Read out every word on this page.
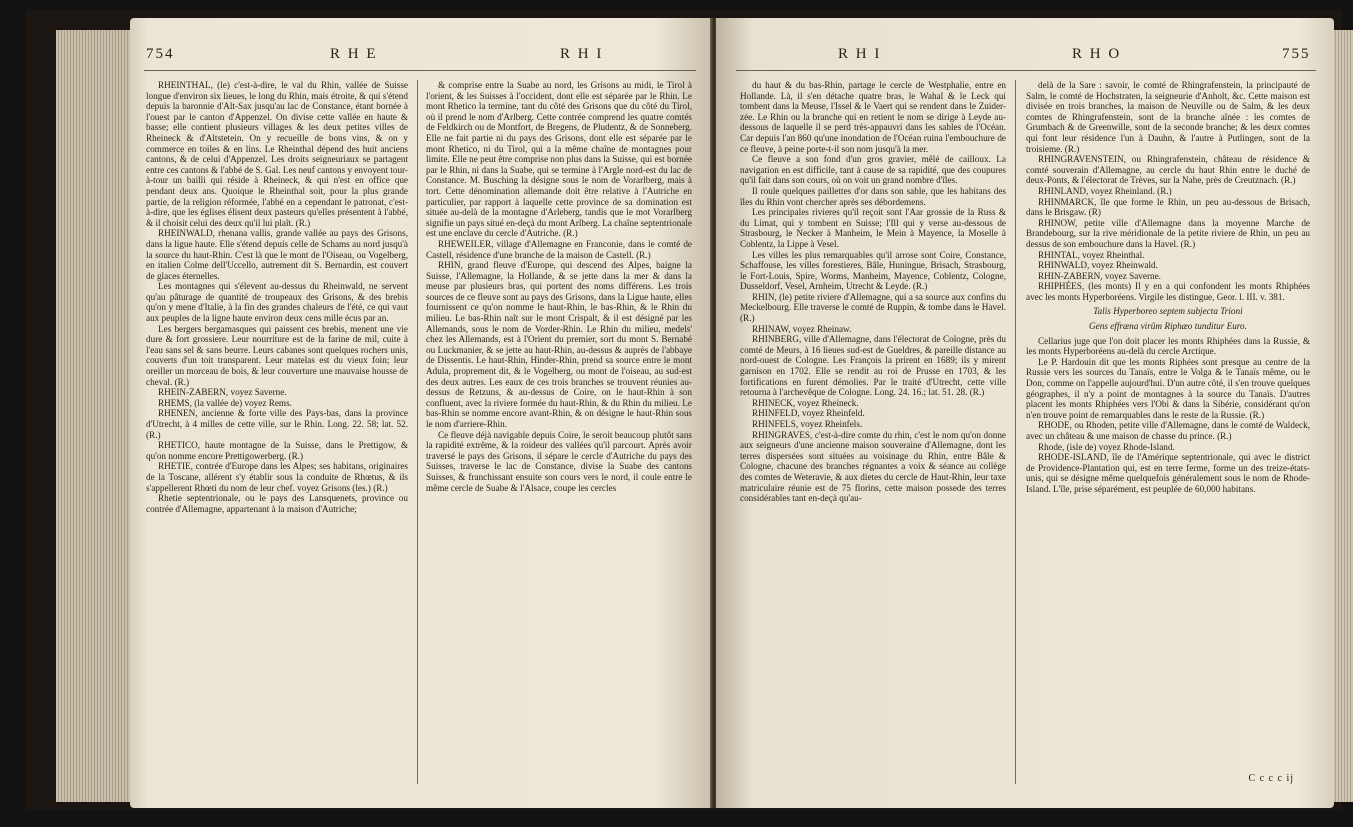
754	R H E	R H I

RHEINTHAL, (le) c'est-à-dire, le val du Rhin, vallée de Suisse longue d'environ six lieues, le long du Rhin, mais étroite, & qui s'étend depuis la baronnie d'Alt-Sax jusqu'au lac de Constance, étant bornée à l'ouest par le canton d'Appenzel. On divise cette vallée en haute & basse; elle contient plusieurs villages & les deux petites villes de Rheineck & d'Altstetein. On y recueille de bons vins, & on y commerce en toiles & en lins. Le Rheinthal dépend des huit anciens cantons, & de celui d'Appenzel. Les droits seigneuriaux se partagent entre ces cantons & l'abbé de S. Gal. Les neuf cantons y envoyent tour-à-tour un bailli qui réside à Rheineck, & qui n'est en office que pendant deux ans. Quoique le Rheinthal soit, pour la plus grande partie, de la religion réformée, l'abbé en a cependant le patronat, c'est-à-dire, que les églises élisent deux pasteurs qu'elles présentent à l'abbé, & il choisit celui des deux qu'il lui plaît. (R.)

RHEINWALD, rhenana vallis, grande vallée au pays des Grisons, dans la ligue haute. Elle s'étend depuis celle de Schams au nord jusqu'à la source du haut-Rhin. C'est là que le mont de l'Oiseau, ou Vogelberg, en italien Colme dell'Uccello, autrement dit S. Bernardin, est couvert de glaces éternelles.

Les montagnes qui s'élevent au-dessus du Rheinwald, ne servent qu'au pâturage de quantité de troupeaux des Grisons, & des brebis qu'on y mene d'Italie, à la fin des grandes chaleurs de l'été, ce qui vaut aux peuples de la ligne haute environ deux cens mille écus par an.

Les bergers bergamasques qui paissent ces brebis, menent une vie dure & fort grossiere. Leur nourriture est de la farine de mil, cuite à l'eau sans sel & sans beurre. Leurs cabanes sont quelques rochers unis, couverts d'un toit transparent. Leur matelas est du vieux foin; leur oreiller un morceau de bois, & leur couverture une mauvaise housse de cheval. (R.)

RHEIN-ZABERN, voyez Saverne.

RHEMS, (la vallée de) voyez Rems.

RHENEN, ancienne & forte ville des Pays-bas, dans la province d'Utrecht, à 4 milles de cette ville, sur le Rhin. Long. 22. 58; lat. 52. (R.)

RHETICO, haute montagne de la Suisse, dans le Prettigow, & qu'on nomme encore Prettigowerberg. (R.)

RHETIE, contrée d'Europe dans les Alpes; ses habitans, originaires de la Toscane, allérent s'y établir sous la conduite de Rhœtus, & ils s'appellerent Rhœti du nom de leur chef. voyez Grisons (les.) (R.)

Rhetie septentrionale, ou le pays des Lansquenets, province ou contrée d'Allemagne, appartenant à la maison d'Autriche;

& comprise entre la Suabe au nord, les Grisons au midi, le Tirol à l'orient, & les Suisses à l'occident, dont elle est séparée par le Rhin. Le mont Rhetico la termine, tant du côté des Grisons que du côté du Tirol, où il prend le nom d'Arlberg. Cette contrée comprend les quatre comtés de Feldkirch ou de Montfort, de Bregens, de Pludentz, & de Sonneberg. Elle ne fait partie ni du pays des Grisons, dont elle est séparée par le mont Rhetico, ni du Tirol, qui a la même chaîne de montagnes pour limite. Elle ne peut être comprise non plus dans la Suisse, qui est bornée par le Rhin, ni dans la Suabe, qui se termine à l'Argle nord-est du lac de Constance. M. Busching la désigne sous le nom de Vorarlberg, mais à tort. Cette dénomination allemande doit être relative à l'Autriche en particulier, par rapport à laquelle cette province de sa domination est située au-delà de la montagne d'Arleberg, tandis que le mot Vorarlberg signifie un pays situé en-deçà du mont Arlberg. La chaîne septentrionale est une enclave du cercle d'Autriche. (R.)

RHEWEILER, village d'Allemagne en Franconie, dans le comté de Castell, résidence d'une branche de la maison de Castell. (R.)

RHIN, grand fleuve d'Europe, qui descend des Alpes, baigne la Suisse, l'Allemagne, la Hollande, & se jette dans la mer & dans la meuse par plusieurs bras, qui portent des noms différens. Les trois sources de ce fleuve sont au pays des Grisons, dans la Ligue haute, elles fournissent ce qu'on nomme le haut-Rhin, le bas-Rhin, & le Rhin du milieu. Le bas-Rhin naît sur le mont Crispalt, & il est désigné par les Allemands, sous le nom de Vorder-Rhin. Le Rhin du milieu, medels' chez les Allemands, est à l'Orient du premier, sort du mont S. Bernabé ou Luckmanier, & se jette au haut-Rhin, au-dessus & auprès de l'abbaye de Dissentis. Le haut-Rhin, Hinder-Rhin, prend sa source entre le mont Adula, proprement dit, & le Vogelberg, ou mont de l'oiseau, au sud-est des deux autres. Les eaux de ces trois branches se trouvent réunies au-dessus de Retzuns, & au-dessus de Coire, on le haut-Rhin à son confluent, avec la riviere formée du haut-Rhin, & du Rhin du milieu. Le bas-Rhin se nomme encore avant-Rhin, & on désigne le haut-Rhin sous le nom d'arriere-Rhin.

Ce fleuve déjà navigable depuis Coire, le seroit beaucoup plutôt sans la rapidité extrême, & la roideur des vallées qu'il parcourt. Après avoir traversé le pays des Grisons, il sépare le cercle d'Autriche du pays des Suisses, traverse le lac de Constance, divise la Suabe des cantons Suisses, & franchissant ensuite son cours vers le nord, il coule entre le même cercle de Suabe & l'Alsace, coupe les cercles

R H I	R H O	755

du haut & du bas-Rhin, partage le cercle de Westphalie, entre en Hollande. Là, il s'en détache quatre bras, le Wahal & le Leck qui tombent dans la Meuse, l'Issel & le Vaert qui se rendent dans le Zuider-zée. Le Rhin ou la branche qui en retient le nom se dirige à Leyde au-dessous de laquelle il se perd très-appauvri dans les sables de l'Océan. Car depuis l'an 860 qu'une inondation de l'Océan ruina l'embouchure de ce fleuve, à peine porte-t-il son nom jusqu'à la mer.

Ce fleuve a son fond d'un gros gravier, mêlé de cailloux. La navigation en est difficile, tant à cause de sa rapidité, que des coupures qu'il fait dans son cours, où on voit un grand nombre d'îles.

Il roule quelques paillettes d'or dans son sable, que les habitans des îles du Rhin vont chercher après ses débordemens.

Les principales rivieres qu'il reçoit sont l'Aar grossie de la Russ & du Limat, qui y tombent en Suisse; l'Ill qui y verse au-dessous de Strasbourg, le Necker à Manheim, le Mein à Mayence, la Moselle à Coblentz, la Lippe à Vesel.

Les villes les plus remarquables qu'il arrose sont Coire, Constance, Schaffouse, les villes forestieres, Bâle, Huningue, Brisach, Strasbourg, le Fort-Louis, Spire, Worms, Manheim, Mayence, Coblentz, Cologne, Dusseldorf, Vesel, Arnheim, Utrecht & Leyde. (R.)

RHIN, (le) petite riviere d'Allemagne, qui a sa source aux confins du Meckelbourg. Elle traverse le comté de Ruppin, & tombe dans le Havel. (R.)

RHINAW, voyez Rheinaw.

RHINBERG, ville d'Allemagne, dans l'électorat de Cologne, près du comté de Meurs, à 16 lieues sud-est de Gueldres, & pareille distance au nord-ouest de Cologne. Les François la prirent en 1689; ils y mirent garnison en 1702. Elle se rendit au roi de Prusse en 1703, & les fortifications en furent démolies. Par le traité d'Utrecht, cette ville retourna à l'archevêque de Cologne. Long. 24. 16.; lat. 51. 28. (R.)

RHINECK, voyez Rheineck.

RHINFELD, voyez Rheinfeld.

RHINFELS, voyez Rheinfels.

RHINGRAVES, c'est-à-dire comte du rhin, c'est le nom qu'on donne aux seigneurs d'une ancienne maison souveraine d'Allemagne, dont les terres dispersées sont situées au voisinage du Rhin, entre Bâle & Cologne, chacune des branches régnantes a voix & séance au collège des comtes de Weteravie, & aux dietes du cercle de Haut-Rhin, leur taxe matriculaire réunie est de 75 florins, cette maison possede des terres considérables tant en-deçà qu'au-

delà de la Sare : savoir, le comté de Rhingrafenstein, la principauté de Salm, le comté de Hochstraten, la seigneurie d'Anholt, &c. Cette maison est divisée en trois branches, la maison de Neuville ou de Salm, & les deux comtes de Rhingrafenstein, sont de la branche aînée : les comtes de Grumbach & de Greenwille, sont de la seconde branche; & les deux comtes qui font leur résidence l'un à Dauhn, & l'autre à Putlingen, sont de la troisieme. (R.)

RHINGRAVENSTEIN, ou Rhingrafenstein, château de résidence & comté souverain d'Allemagne, au cercle du haut Rhin entre le duché de deux-Ponts, & l'électorat de Trèves, sur la Nahe, près de Creutznach. (R.)

RHINLAND, voyez Rheinland. (R.)

RHINMARCK, île que forme le Rhin, un peu au-dessous de Brisach, dans le Brisgaw. (R)

RHINOW, petite ville d'Allemagne dans la moyenne Marche de Brandebourg, sur la rive méridionale de la petite riviere de Rhin, un peu au dessus de son embouchure dans la Havel. (R.)

RHINTAL, voyez Rheinthal.

RHINWALD, voyez Rheinwald.

RHIN-ZABERN, voyez Saverne.

RHIPHÉES, (les monts) Il y en a qui confondent les monts Rhiphées avec les monts Hyperboréens. Virgile les distingue, Geor. l. III. v. 381.

Talis Hyperboreo septem subjecta Trioni

Gens effræna virûm Riphæo tunditur Euro.

Cellarius juge que l'on doit placer les monts Rhiphées dans la Russie, & les monts Hyperboréens au-delà du cercle Arctique.

Le P. Hardouin dit que les monts Riphées sont presque au centre de la Russie vers les sources du Tanaïs, entre le Volga & le Tanaïs même, ou le Don, comme on l'appelle aujourd'hui. D'un autre côté, il s'en trouve quelques géographes, il n'y a point de montagnes à la source du Tanaïs. D'autres placent les monts Rhiphées vers l'Obi & dans la Sibérie, considérant qu'on n'en trouve point de remarquables dans le reste de la Russie. (R.)

RHODE, ou Rhoden, petite ville d'Allemagne, dans le comté de Waldeck, avec un château & une maison de chasse du prince. (R.)

Rhode, (isle de) voyez Rhode-Island.

RHODE-ISLAND, île de l'Amérique septentrionale, qui avec le district de Providence-Plantation qui, est en terre ferme, forme un des treize-états-unis, qui se désigne même quelquefois généralement sous le nom de Rhode-Island. L'île, prise séparément, est peuplée de 60,000 habitans.

C c c c ij
